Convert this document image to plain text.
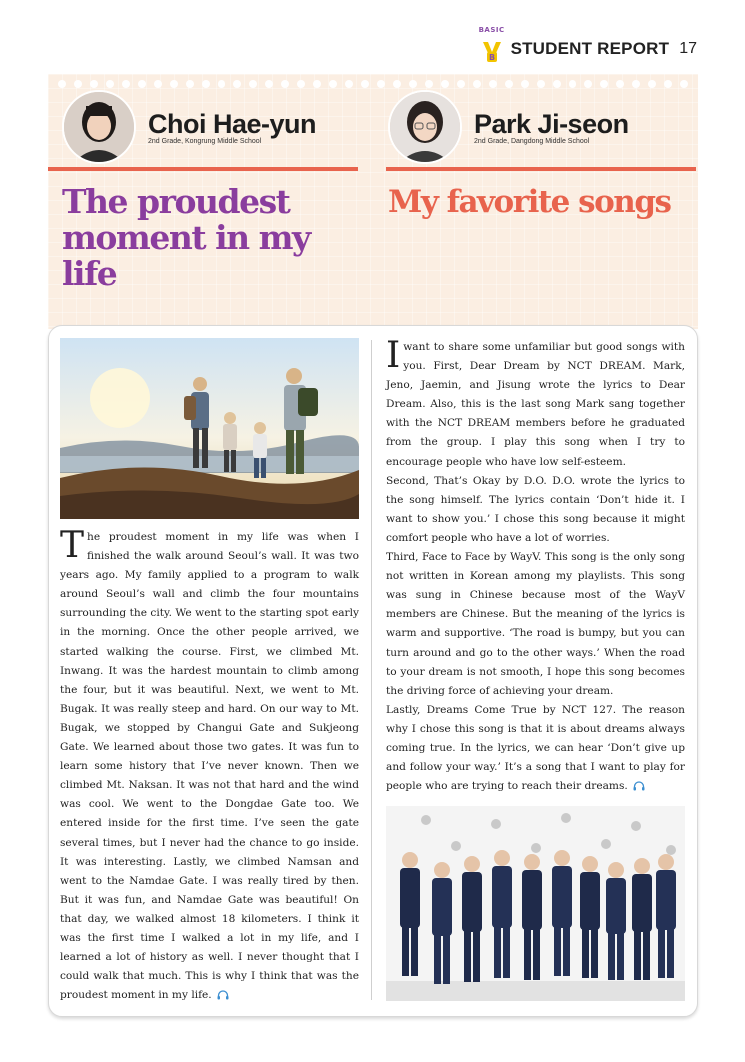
BASIC
B STUDENT REPORT 17
Choi Hae-yun
2nd Grade, Kongrung Middle School
Park Ji-seon
2nd Grade, Dangdong Middle School
The proudest
moment in my life
My favorite songs
The proudest moment in my life was when I finished the walk around Seoul’s wall. It was two years ago. My family applied to a program to walk around Seoul’s wall and climb the four mountains surrounding the city. We went to the starting spot early in the morning. Once the other people arrived, we started walking the course. First, we climbed Mt. Inwang. It was the hardest mountain to climb among the four, but it was beautiful. Next, we went to Mt. Bugak. It was really steep and hard. On our way to Mt. Bugak, we stopped by Changui Gate and Sukjeong Gate. We learned about those two gates. It was fun to learn some history that I’ve never known. Then we climbed Mt. Naksan. It was not that hard and the wind was cool. We went to the Dongdae Gate too. We entered inside for the first time. I’ve seen the gate several times, but I never had the chance to go inside. It was interesting. Lastly, we climbed Namsan and went to the Namdae Gate. I was really tired by then. But it was fun, and Namdae Gate was beautiful! On that day, we walked almost 18 kilometers. I think it was the first time I walked a lot in my life, and I learned a lot of history as well. I never thought that I could walk that much. This is why I think that was the proudest moment in my life.

I want to share some unfamiliar but good songs with you. First, Dear Dream by NCT DREAM. Mark, Jeno, Jaemin, and Jisung wrote the lyrics to Dear Dream. Also, this is the last song Mark sang together with the NCT DREAM members before he graduated from the group. I play this song when I try to encourage people who have low self-esteem.

Second, That’s Okay by D.O. D.O. wrote the lyrics to the song himself. The lyrics contain ‘Don’t hide it. I want to show you.’ I chose this song because it might comfort people who have a lot of worries.

Third, Face to Face by WayV. This song is the only song not written in Korean among my playlists. This song was sung in Chinese because most of the WayV members are Chinese. But the meaning of the lyrics is warm and supportive. ‘The road is bumpy, but you can turn around and go to the other ways.’ When the road to your dream is not smooth, I hope this song becomes the driving force of achieving your dream.

Lastly, Dreams Come True by NCT 127. The reason why I chose this song is that it is about dreams always coming true. In the lyrics, we can hear ‘Don’t give up and follow your way.’ It’s a song that I want to play for people who are trying to reach their dreams.
